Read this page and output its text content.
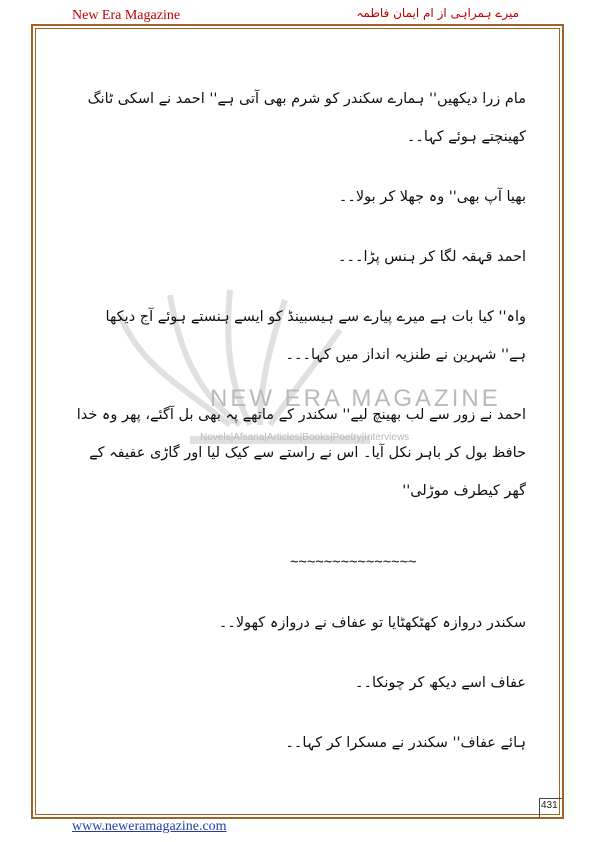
New Era Magazine	میرے ہمراہی از ام ایمان فاطمہ
NEW ERA MAGAZINE
Novels|Afsana|Articles|Books|Poetry|Interviews

مام زرا دیکھیں'' ہمارے سکندر کو شرم بھی آتی ہے'' احمد نے اسکی ٹانگ کھینچتے ہوئے کہا۔۔

بھیا آپ بھی'' وہ جھلا کر بولا۔۔

احمد قہقہ لگا کر ہنس پڑا۔۔۔

واہ'' کیا بات ہے میرے پیارے سے ہیسبینڈ کو ایسے ہنستے ہوئے آج دیکھا ہے'' شہرین نے طنزیہ انداز میں کہا۔۔۔

احمد نے زور سے لب بھینچ لیے'' سکندر کے ماتھے پہ بھی بل آگئے، پھر وہ خدا حافظ بول کر باہر نکل آیا۔ اس نے راستے سے کیک لیا اور گاڑی عفیفہ کے گھر کیطرف موڑلی''

~~~~~~~~~~~~~~~

سکندر دروازہ کھٹکھٹایا تو عفاف نے دروازہ کھولا۔۔

عفاف اسے دیکھ کر چونکا۔۔

ہائے عفاف'' سکندر نے مسکرا کر کہا۔۔

431
www.neweramagazine.com
